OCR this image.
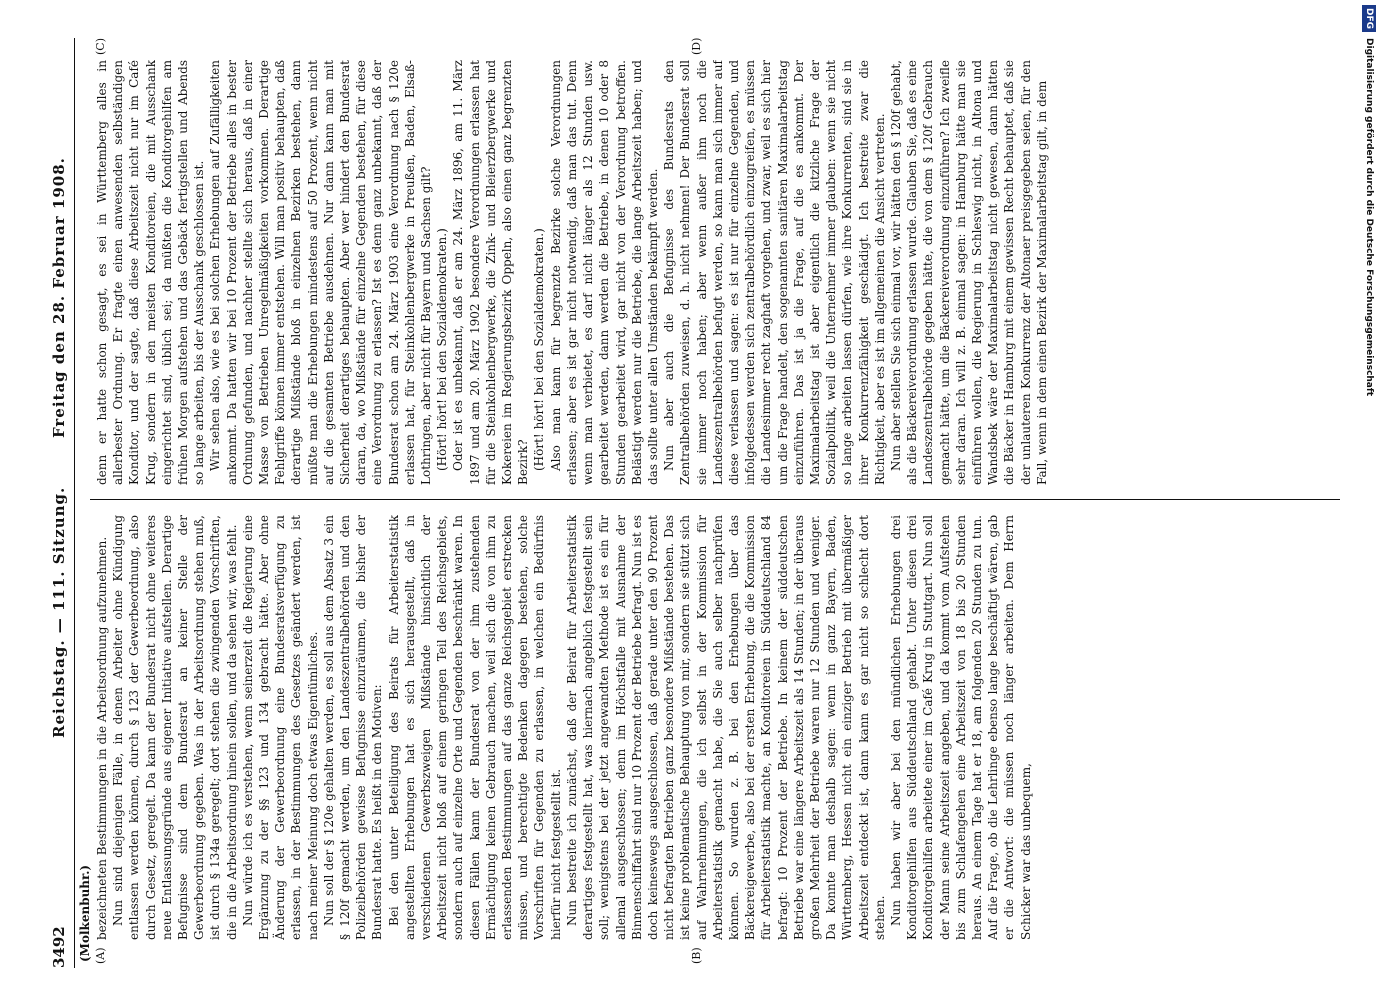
3492
Reichstag. — 111. Sitzung.
Freitag den 28. Februar 1908.
(Molkenbuhr.) (A)	(B)
(C)	(D)

bezeichneten Bestimmungen in die Arbeitsordnung aufzunehmen. Nun sind diejenigen Fälle, in denen Arbeiter ohne Kündigung entlassen werden können, durch § 123 der Gewerbeordnung, also durch Gesetz, geregelt. Da kann der Bundesrat nicht ohne weiteres neue Entlassungsgründe aus eigener Initiative aufstellen. Derartige Befugnisse sind dem Bundesrat an keiner Stelle der Gewerbeordnung gegeben. Was in der Arbeitsordnung stehen muß, ist durch § 134a geregelt; dort stehen die zwingenden Vorschriften, die in die Arbeitsordnung hinein sollen, und da sehen wir, was fehlt. Nun würde ich es verstehen, wenn seinerzeit die Regierung eine Ergänzung zu der §§ 123 und 134 gebracht hätte. Aber ohne Änderung der Gewerbeordnung eine Bundesratsverfügung zu erlassen, in der Bestimmungen des Gesetzes geändert werden, ist nach meiner Meinung doch etwas Eigentümliches. Nun soll der § 120e gehalten werden, es soll aus dem Absatz 3 ein § 120f gemacht werden, um den Landeszentralbehörden und den Polizeibehörden gewisse Befugnisse einzuräumen, die bisher der Bundesrat hatte. Es heißt in den Motiven: Bei den unter Beteiligung des Beirats für Arbeiterstatistik angestellten Erhebungen hat es sich herausgestellt, daß in verschiedenen Gewerbszweigen Mißstände hinsichtlich der Arbeitszeit nicht bloß auf einem geringen Teil des Reichsgebiets, sondern auch auf einzelne Orte und Gegenden beschränkt waren. In diesen Fällen kann der Bundesrat von der ihm zustehenden Ermächtigung keinen Gebrauch machen, weil sich die von ihm zu erlassenden Bestimmungen auf das ganze Reichsgebiet erstrecken müssen, und berechtigte Bedenken dagegen bestehen, solche Vorschriften für Gegenden zu erlassen, in welchen ein Bedürfnis hierfür nicht festgestellt ist. Nun bestreite ich zunächst, daß der Beirat für Arbeiterstatistik derartiges festgestellt hat, was hiernach angeblich festgestellt sein soll; wenigstens bei der jetzt angewandten Methode ist es ein für allemal ausgeschlossen; denn im Höchstfalle mit Ausnahme der Binnenschiffahrt sind nur 10 Prozent der Betriebe befragt. Nun ist es doch keineswegs ausgeschlossen, daß gerade unter den 90 Prozent nicht befragten Betrieben ganz besondere Mißstände bestehen. Das ist keine problematische Behauptung von mir, sondern sie stützt sich auf Wahrnehmungen, die ich selbst in der Kommission für Arbeiterstatistik gemacht habe, die Sie auch selber nachprüfen können. So wurden z. B. bei den Erhebungen über das Bäckereigewerbe, also bei der ersten Erhebung, die die Kommission für Arbeiterstatistik machte, an Konditoreien in Süddeutschland 84 befragt: 10 Prozent der Betriebe. In keinem der süddeutschen Betriebe war eine längere Arbeitszeit als 14 Stunden; in der überaus großen Mehrheit der Betriebe waren nur 12 Stunden und weniger. Da konnte man deshalb sagen: wenn in ganz Bayern, Baden, Württemberg, Hessen nicht ein einziger Betrieb mit übermäßiger Arbeitszeit entdeckt ist, dann kann es gar nicht so schlecht dort stehen. Nun haben wir aber bei den mündlichen Erhebungen drei Konditorgehilfen aus Süddeutschland gehabt. Unter diesen drei Konditorgehilfen arbeitete einer im Café Krug in Stuttgart. Nun soll der Mann seine Arbeitszeit angeben, und da kommt vom Aufstehen bis zum Schlafengehen eine Arbeitszeit von 18 bis 20 Stunden heraus. An einem Tage hat er 18, am folgenden 20 Stunden zu tun. Auf die Frage, ob die Lehrlinge ebenso lange beschäftigt wären, gab er die Antwort: die müssen noch länger arbeiten. Dem Herrn Schicker war das unbequem,

denn er hatte schon gesagt, es sei in Württemberg alles in allerbester Ordnung. Er fragte einen anwesenden selbständigen Konditor, und der sagte, daß diese Arbeitszeit nicht nur im Café Krug, sondern in den meisten Konditoreien, die mit Ausschank eingerichtet sind, üblich sei; da müßten die Konditorgehilfen am frühen Morgen aufstehen und das Gebäck fertigstellen und Abends so lange arbeiten, bis der Ausschank geschlossen ist. Wir sehen also, wie es bei solchen Erhebungen auf Zufälligkeiten ankommt. Da hatten wir bei 10 Prozent der Betriebe alles in bester Ordnung gefunden, und nachher stellte sich heraus, daß in einer Masse von Betrieben Unregelmäßigkeiten vorkommen. Derartige Fehlgriffe können immer entstehen. Will man positiv behaupten, daß derartige Mißstände bloß in einzelnen Bezirken bestehen, dann müßte man die Erhebungen mindestens auf 50 Prozent, wenn nicht auf die gesamten Betriebe ausdehnen. Nur dann kann man mit Sicherheit derartiges behaupten. Aber wer hindert den Bundesrat daran, da, wo Mißstände für einzelne Gegenden bestehen, für diese eine Verordnung zu erlassen? Ist es denn ganz unbekannt, daß der Bundesrat schon am 24. März 1903 eine Verordnung nach § 120e erlassen hat, für Steinkohlenbergwerke in Preußen, Baden, Elsaß-Lothringen, aber nicht für Bayern und Sachsen gilt? (Hört! hört! bei den Sozialdemokraten.) Oder ist es unbekannt, daß er am 24. März 1896, am 11. März 1897 und am 20. März 1902 besondere Verordnungen erlassen hat für die Steinkohlenbergwerke, die Zink- und Bleierzbergwerke und Kokereien im Regierungsbezirk Oppeln, also einen ganz begrenzten Bezirk? (Hört! hört! bei den Sozialdemokraten.) Also man kann für begrenzte Bezirke solche Verordnungen erlassen; aber es ist gar nicht notwendig, daß man das tut. Denn wenn man verbietet, es darf nicht länger als 12 Stunden usw. gearbeitet werden, dann werden die Betriebe, in denen 10 oder 8 Stunden gearbeitet wird, gar nicht von der Verordnung betroffen. Belästigt werden nur die Betriebe, die lange Arbeitszeit haben; und das sollte unter allen Umständen bekämpft werden. Nun aber auch die Befugnisse des Bundesrats den Zentralbehörden zuweisen, d. h. nicht nehmen! Der Bundesrat soll sie immer noch haben; aber wenn außer ihm noch die Landeszentralbehörden befugt werden, so kann man sich immer auf diese verlassen und sagen: es ist nur für einzelne Gegenden, und infolgedessen werden sich zentralbehördlich einzugreifen, es müssen die Landesimmer recht zaghaft vorgehen, und zwar, weil es sich hier um die Frage handelt, den sogenannten sanitären Maximalarbeitstag einzuführen. Das ist ja die Frage, auf die es ankommt. Der Maximalarbeitstag ist aber eigentlich die kitzliche Frage der Sozialpolitik, weil die Unternehmer immer glauben: wenn sie nicht so lange arbeiten lassen dürfen, wie ihre Konkurrenten, sind sie in ihrer Konkurrenzfähigkeit geschädigt. Ich bestreite zwar die Richtigkeit, aber es ist im allgemeinen die Ansicht vertreten. Nun aber stellen Sie sich einmal vor, wir hätten den § 120f gehabt, als die Bäckereiverordnung erlassen wurde. Glauben Sie, daß es eine Landeszentralbehörde gegeben hätte, die von dem § 120f Gebrauch gemacht hätte, um die Bäckereiverordnung einzuführen? Ich zweifle sehr daran. Ich will z. B. einmal sagen: in Hamburg hätte man sie einführen wollen, die Regierung in Schleswig nicht, in Altona und Wandsbek wäre der Maximalarbeitstag nicht gewesen, dann hätten die Bäcker in Hamburg mit einem gewissen Recht behauptet, daß sie der unlauteren Konkurrenz der Altonaer preisgegeben seien, für den Fall, wenn in dem einen Bezirk der Maximalarbeitstag gilt, in dem

DFGDigitalisierung gefördert durch die Deutsche Forschungsgemeinschaft
